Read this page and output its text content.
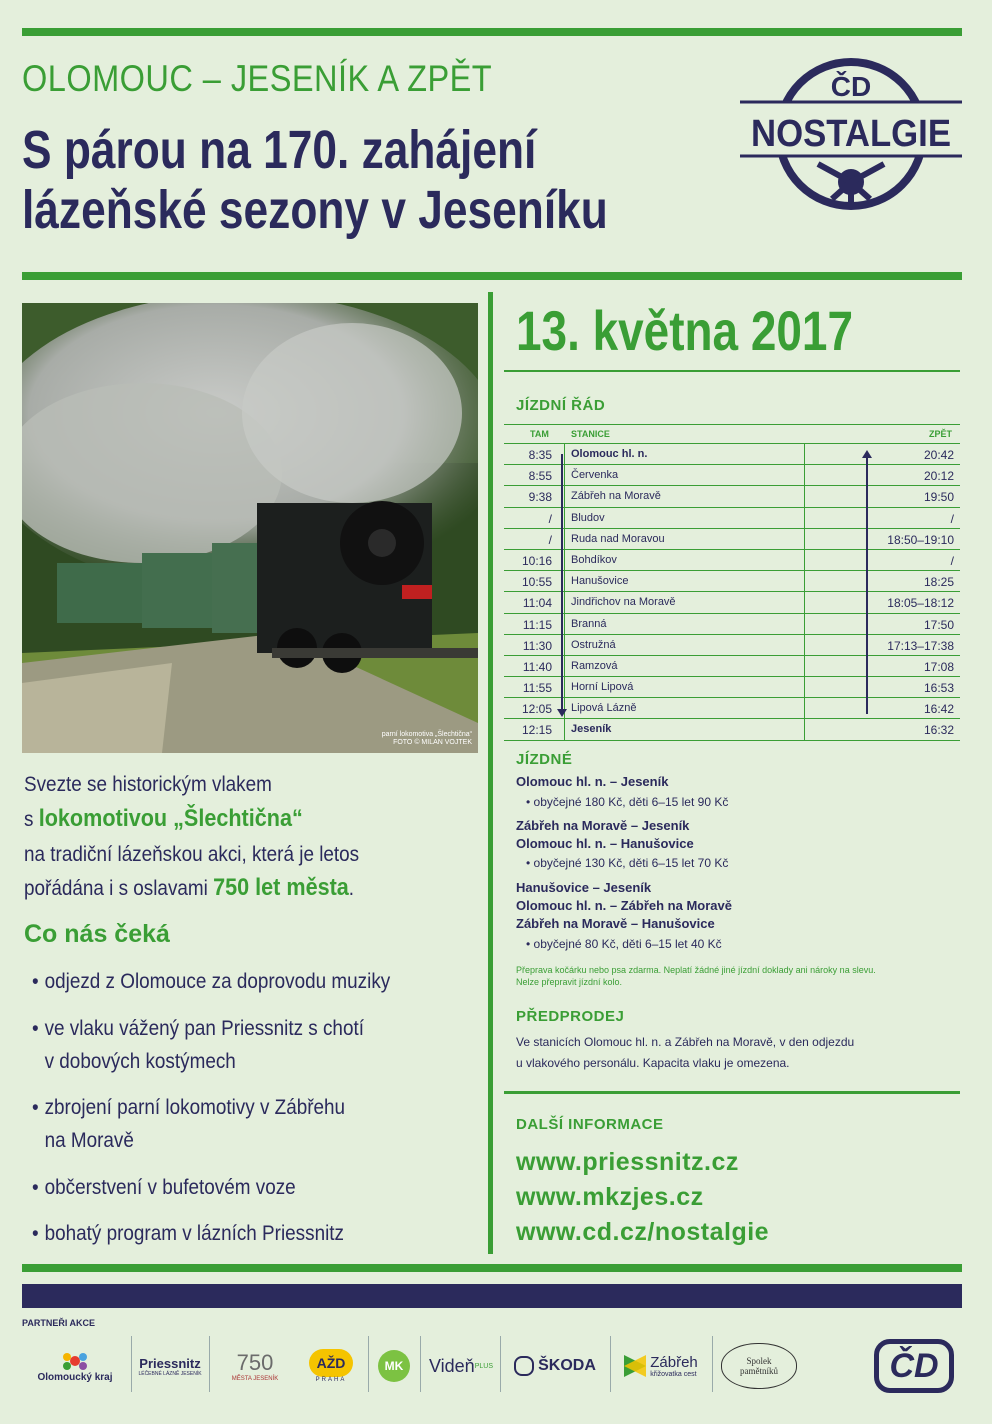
OLOMOUC – JESENÍK A ZPĚT
S párou na 170. zahájení
lázeňské sezony v Jeseníku
ČD
NOSTALGIE
parní lokomotiva „Šlechtična“
FOTO © MILAN VOJTEK
13. května 2017
JÍZDNÍ ŘÁD
TAM STANICE	ZPĚT
8:35 Olomouc hl. n.	20:42
8:55 Červenka	20:12
9:38 Zábřeh na Moravě	19:50
/ Bludov	/
/ Ruda nad Moravou	18:50–19:10
10:16 Bohdíkov	/
10:55 Hanušovice	18:25
11:04 Jindřichov na Moravě	18:05–18:12
11:15 Branná	17:50
11:30 Ostružná	17:13–17:38
11:40 Ramzová	17:08
11:55 Horní Lipová	16:53
12:05 Lipová Lázně	16:42
12:15 Jeseník	16:32
JÍZDNÉ
Olomouc hl. n. – Jeseník
• obyčejné 180 Kč, děti 6–15 let 90 Kč
Zábřeh na Moravě – Jeseník
Olomouc hl. n. – Hanušovice
• obyčejné 130 Kč, děti 6–15 let 70 Kč
Hanušovice – Jeseník
Olomouc hl. n. – Zábřeh na Moravě
Zábřeh na Moravě – Hanušovice
• obyčejné 80 Kč, děti 6–15 let 40 Kč
Přeprava kočárku nebo psa zdarma. Neplatí žádné jiné jízdní doklady ani nároky na slevu.
Nelze přepravit jízdní kolo.
PŘEDPRODEJ
Ve stanicích Olomouc hl. n. a Zábřeh na Moravě, v den odjezdu
u vlakového personálu. Kapacita vlaku je omezena.
DALŠÍ INFORMACE
www.priessnitz.cz
www.mkzjes.cz
www.cd.cz/nostalgie
Svezte se historickým vlakem
s lokomotivou „Šlechtična“
na tradiční lázeňskou akci, která je letos
pořádána i s oslavami 750 let města.
Co nás čeká
• odjezd z Olomouce za doprovodu muziky
• ve vlaku vážený pan Priessnitz s chotí
v dobových kostýmech
• zbrojení parní lokomotivy v Zábřehu
na Moravě
• občerstvení v bufetovém voze
• bohatý program v lázních Priessnitz
PARTNEŘI AKCE
Olomoucký kraj
Priessnitz
LÉČEBNÉ LÁZNĚ JESENÍK 750
MĚSTA JESENÍK
AŽD
PRAHA
MK	Videň PLUS	ŠKODA	Zábřeh
křižovatka cest
Spolek
pamětníků	ČD
